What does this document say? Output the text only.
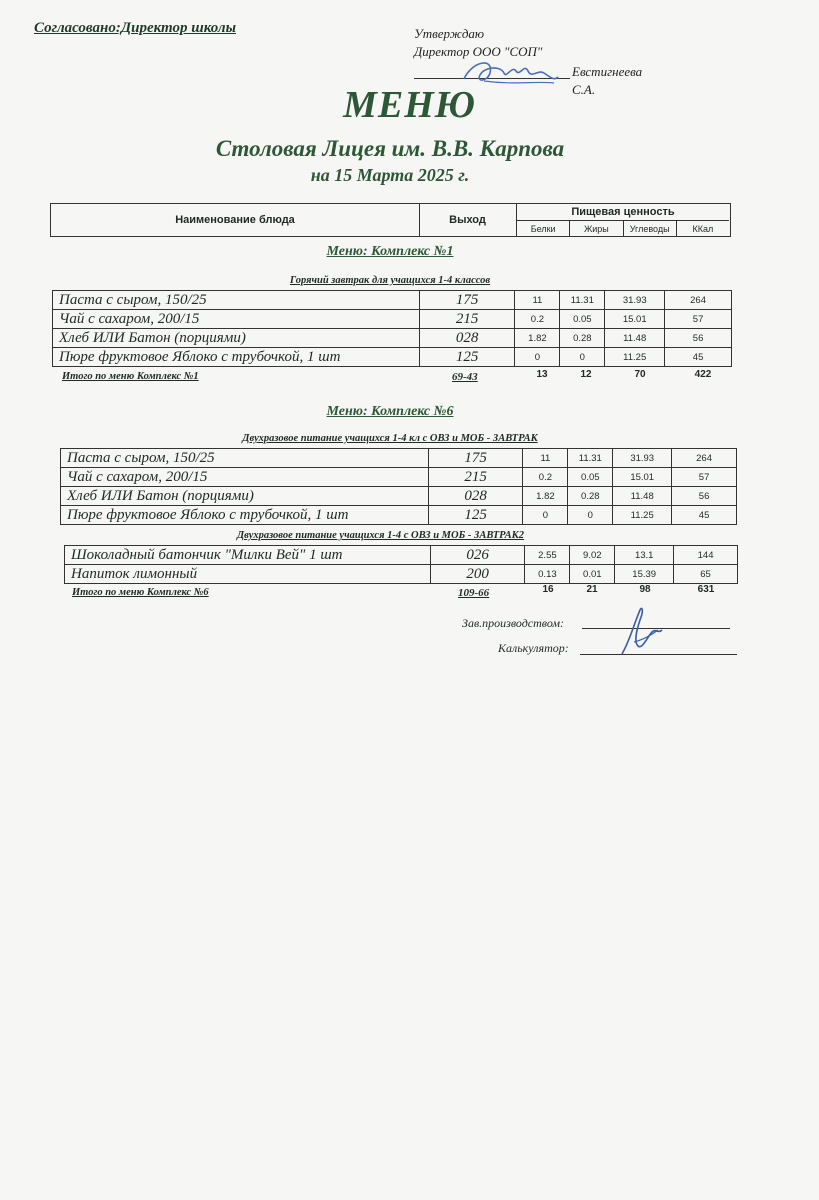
Согласовано:Директор школы	Утверждаю
Директор ООО "СОП"
Евстигнеева С.А.
МЕНЮ
Столовая Лицея им. В.В. Карпова
на 15 Марта 2025 г.
Наименование блюда	Выход
Пищевая ценность
Белки	Жиры	Углеводы	ККал
Меню: Комплекс №1
Горячий завтрак для учащихся 1-4 классов
Паста с сыром, 150/25	175	11	11.31	31.93	264
Чай с сахаром, 200/15	215	0.2	0.05	15.01	57
Хлеб ИЛИ Батон (порциями)	028	1.82	0.28	11.48	56
Пюре фруктовое Яблоко с трубочкой, 1 шт	125	0	0	11.25	45
Итого по меню Комплекс №1	69-43	13	12	70	422
Меню: Комплекс №6
Двухразовое питание учащихся 1-4 кл с ОВЗ и МОБ - ЗАВТРАК
Паста с сыром, 150/25	175	11	11.31	31.93	264
Чай с сахаром, 200/15	215	0.2	0.05	15.01	57
Хлеб ИЛИ Батон (порциями)	028	1.82	0.28	11.48	56
Пюре фруктовое Яблоко с трубочкой, 1 шт	125	0	0	11.25	45
Двухразовое питание учащихся 1-4 с ОВЗ и МОБ - ЗАВТРАК2
Шоколадный батончик "Милки Вей" 1 шт	026	2.55	9.02	13.1	144
Напиток лимонный	200	0.13	0.01	15.39	65
Итого по меню Комплекс №6	109-66	16	21	98	631
Зав.производством:
Калькулятор:
